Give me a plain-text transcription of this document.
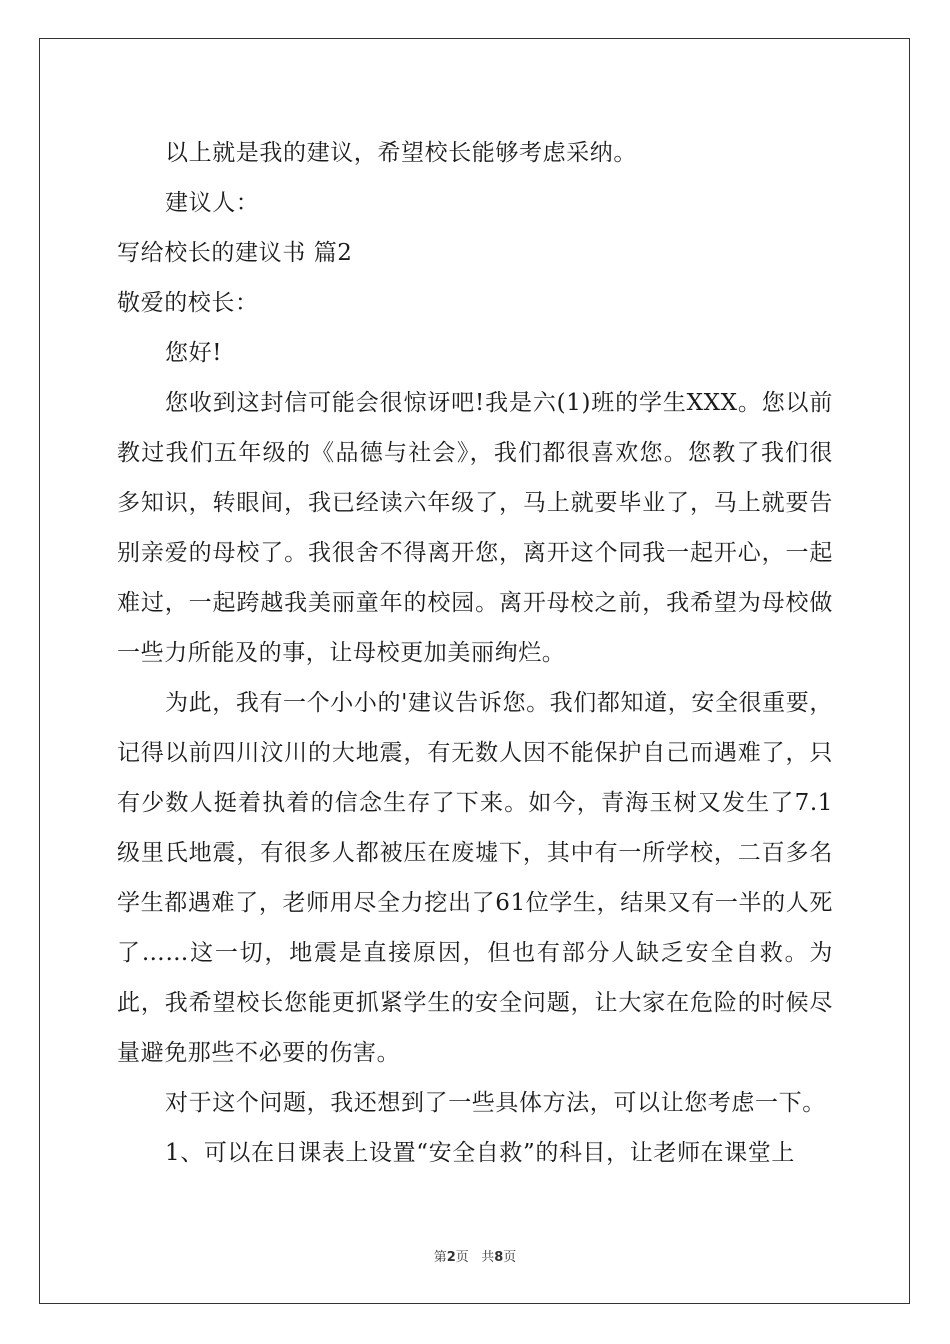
以上就是我的建议，希望校长能够考虑采纳。
建议人：
写给校长的建议书 篇2
敬爱的校长：
您好!

您收到这封信可能会很惊讶吧!我是六(1)班的学生XXX。您以前教过我们五年级的《品德与社会》，我们都很喜欢您。您教了我们很多知识，转眼间，我已经读六年级了，马上就要毕业了，马上就要告别亲爱的母校了。我很舍不得离开您，离开这个同我一起开心，一起难过，一起跨越我美丽童年的校园。离开母校之前，我希望为母校做一些力所能及的事，让母校更加美丽绚烂。

为此，我有一个小小的'建议告诉您。我们都知道，安全很重要，记得以前四川汶川的大地震，有无数人因不能保护自己而遇难了，只有少数人挺着执着的信念生存了下来。如今，青海玉树又发生了7.1级里氏地震，有很多人都被压在废墟下，其中有一所学校，二百多名学生都遇难了，老师用尽全力挖出了61位学生，结果又有一半的人死了……这一切，地震是直接原因，但也有部分人缺乏安全自救。为此，我希望校长您能更抓紧学生的安全问题，让大家在危险的时候尽量避免那些不必要的伤害。

对于这个问题，我还想到了一些具体方法，可以让您考虑一下。

1、可以在日课表上设置“安全自救”的科目，让老师在课堂上

第2页 共8页
